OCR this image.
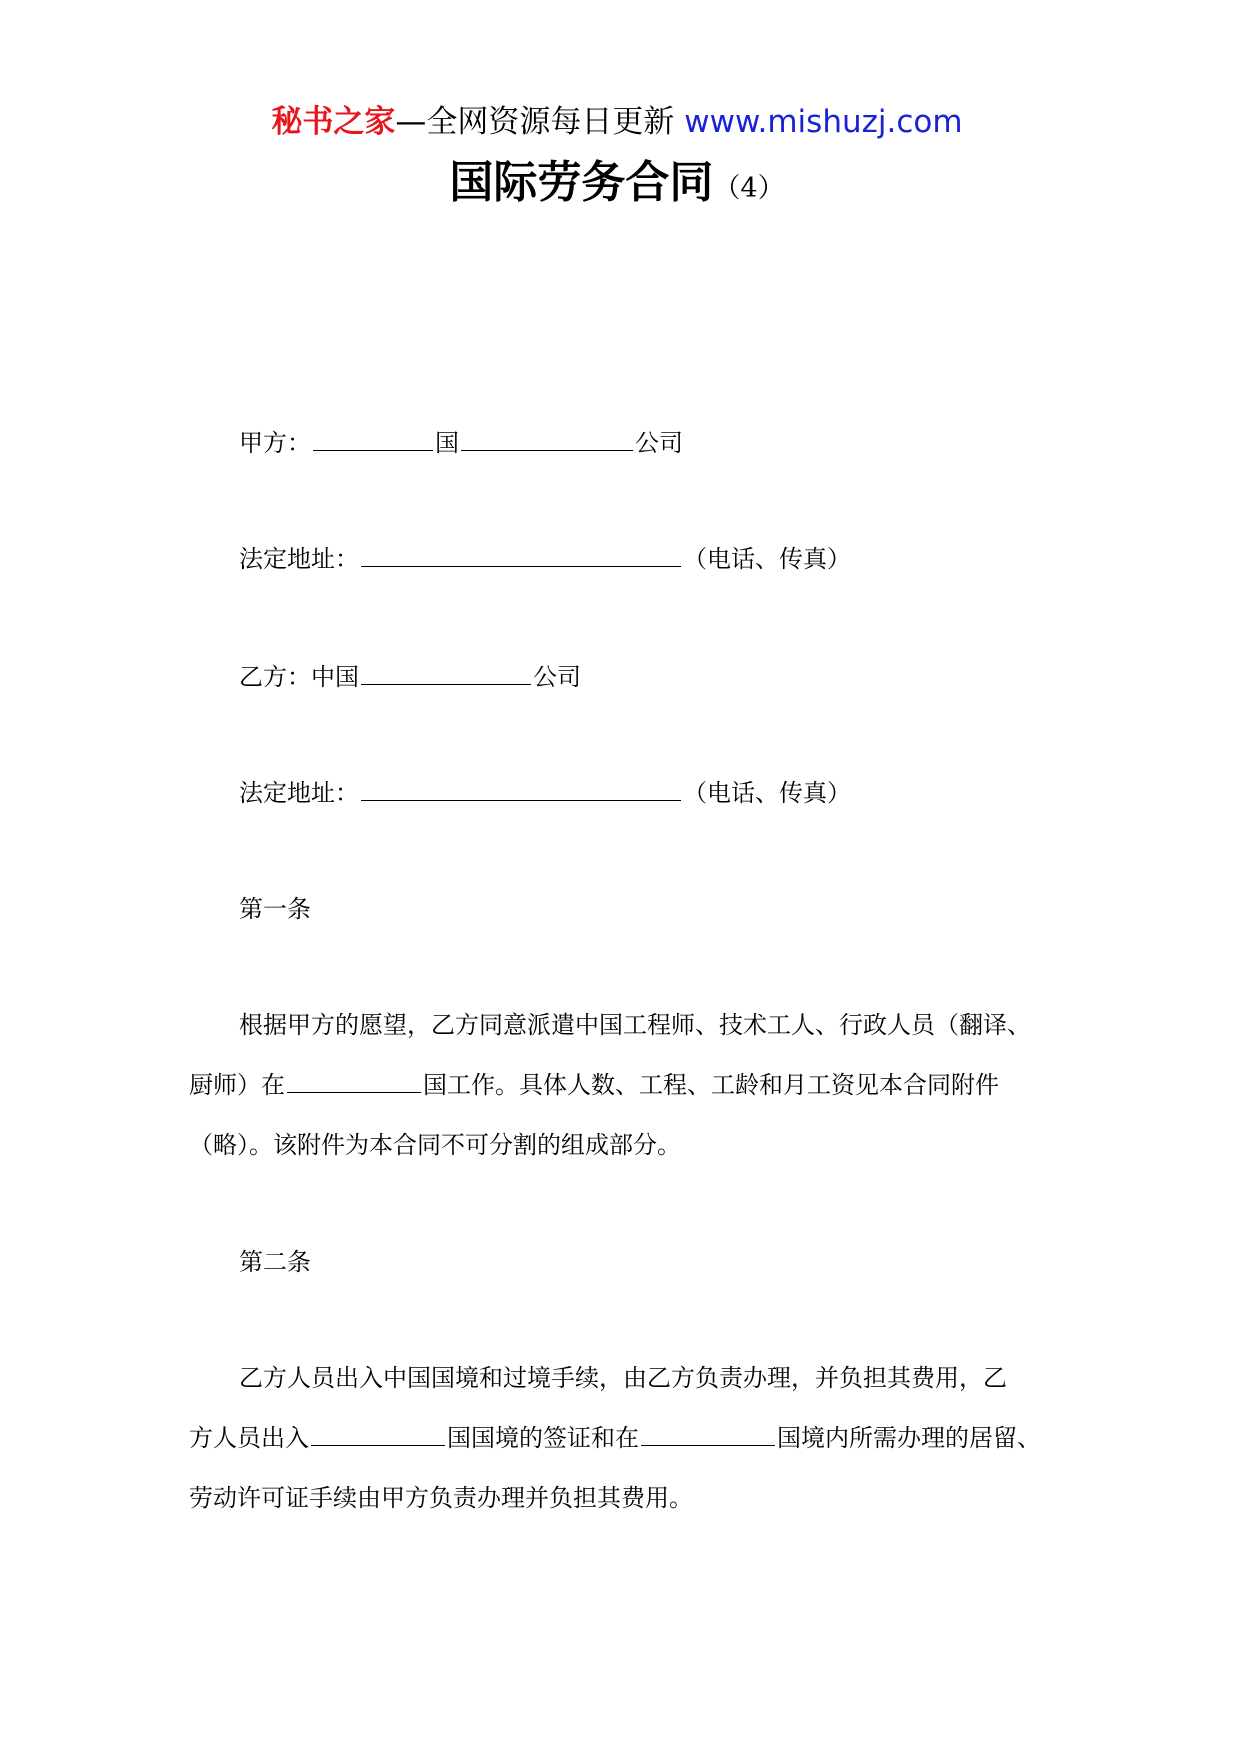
秘书之家—全网资源每日更新 www.mishuzj.com
国际劳务合同（4）
甲方：	国	公司
法定地址：	（电话、传真）
乙方：中国	公司
法定地址：	（电话、传真）
第一条
根据甲方的愿望，乙方同意派遣中国工程师、技术工人、行政人员（翻译、
厨师）在	国工作。具体人数、工程、工龄和月工资见本合同附件
（略）。该附件为本合同不可分割的组成部分。
第二条
乙方人员出入中国国境和过境手续，由乙方负责办理，并负担其费用，乙
方人员出入	国国境的签证和在	国境内所需办理的居留、
劳动许可证手续由甲方负责办理并负担其费用。
